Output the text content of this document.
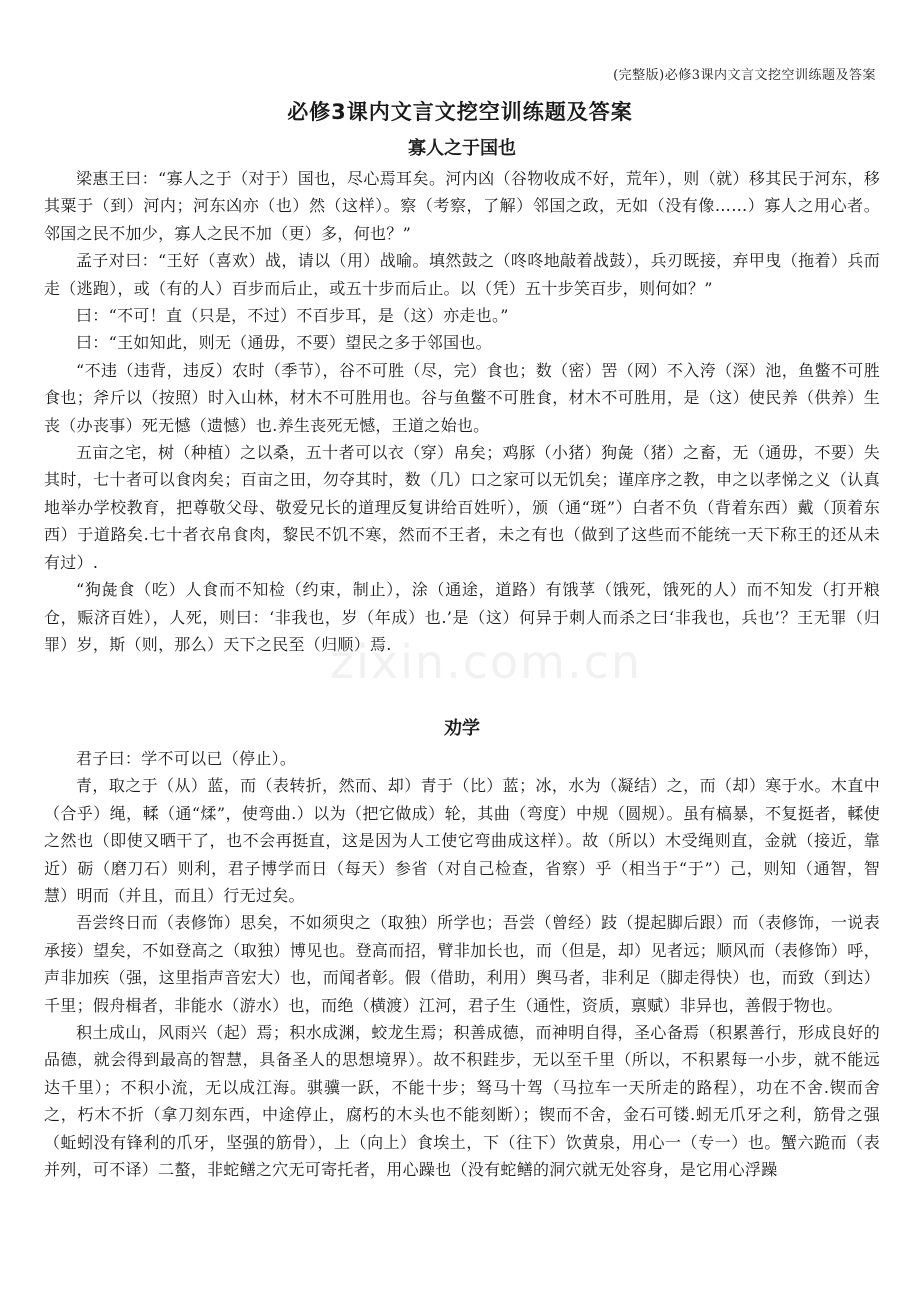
(完整版)必修3课内文言文挖空训练题及答案
必修3课内文言文挖空训练题及答案
寡人之于国也

梁惠王曰：“寡人之于（对于）国也，尽心焉耳矣。河内凶（谷物收成不好，荒年），则（就）移其民于河东，移其粟于（到）河内；河东凶亦（也）然（这样）。察（考察，了解）邻国之政，无如（没有像……）寡人之用心者。邻国之民不加少，寡人之民不加（更）多，何也？”

孟子对曰：“王好（喜欢）战，请以（用）战喻。填然鼓之（咚咚地敲着战鼓），兵刃既接，弃甲曳（拖着）兵而走（逃跑），或（有的人）百步而后止，或五十步而后止。以（凭）五十步笑百步，则何如？”

曰：“不可！直（只是，不过）不百步耳，是（这）亦走也。”

曰：“王如知此，则无（通毋，不要）望民之多于邻国也。

“不违（违背，违反）农时（季节），谷不可胜（尽，完）食也；数（密）罟（网）不入洿（深）池，鱼鳖不可胜食也；斧斤以（按照）时入山林，材木不可胜用也。谷与鱼鳖不可胜食，材木不可胜用，是（这）使民养（供养）生丧（办丧事）死无憾（遗憾）也.养生丧死无憾，王道之始也。

五亩之宅，树（种植）之以桑，五十者可以衣（穿）帛矣；鸡豚（小猪）狗彘（猪）之畜，无（通毋，不要）失其时，七十者可以食肉矣；百亩之田，勿夺其时，数（几）口之家可以无饥矣；谨庠序之教，申之以孝悌之义（认真地举办学校教育，把尊敬父母、敬爱兄长的道理反复讲给百姓听），颁（通“斑”）白者不负（背着东西）戴（顶着东西）于道路矣.七十者衣帛食肉，黎民不饥不寒，然而不王者，未之有也（做到了这些而不能统一天下称王的还从未有过）.

“狗彘食（吃）人食而不知检（约束，制止），涂（通途，道路）有饿莩（饿死，饿死的人）而不知发（打开粮仓，赈济百姓），人死，则曰：‘非我也，岁（年成）也.’是（这）何异于刺人而杀之曰‘非我也，兵也’？王无罪（归罪）岁，斯（则，那么）天下之民至（归顺）焉.

劝学

君子曰：学不可以已（停止）。

青，取之于（从）蓝，而（表转折，然而、却）青于（比）蓝；冰，水为（凝结）之，而（却）寒于水。木直中（合乎）绳，輮（通“煣”，使弯曲.）以为（把它做成）轮，其曲（弯度）中规（圆规）。虽有槁暴，不复挺者，輮使之然也（即使又晒干了，也不会再挺直，这是因为人工使它弯曲成这样）。故（所以）木受绳则直，金就（接近，靠近）砺（磨刀石）则利，君子博学而日（每天）参省（对自己检查，省察）乎（相当于“于”）己，则知（通智，智慧）明而（并且，而且）行无过矣。

吾尝终日而（表修饰）思矣，不如须臾之（取独）所学也；吾尝（曾经）跂（提起脚后跟）而（表修饰，一说表承接）望矣，不如登高之（取独）博见也。登高而招，臂非加长也，而（但是，却）见者远；顺风而（表修饰）呼，声非加疾（强，这里指声音宏大）也，而闻者彰。假（借助，利用）舆马者，非利足（脚走得快）也，而致（到达）千里；假舟楫者，非能水（游水）也，而绝（横渡）江河，君子生（通性，资质，禀赋）非异也，善假于物也。

积土成山，风雨兴（起）焉；积水成渊，蛟龙生焉；积善成德，而神明自得，圣心备焉（积累善行，形成良好的品德，就会得到最高的智慧，具备圣人的思想境界）。故不积跬步，无以至千里（所以，不积累每一小步，就不能远达千里）；不积小流，无以成江海。骐骥一跃，不能十步；驽马十驾（马拉车一天所走的路程），功在不舍.锲而舍之，朽木不折（拿刀刻东西，中途停止，腐朽的木头也不能刻断）；锲而不舍，金石可镂.蚓无爪牙之利，筋骨之强（蚯蚓没有锋利的爪牙，坚强的筋骨），上（向上）食埃土，下（往下）饮黄泉，用心一（专一）也。蟹六跪而（表并列，可不译）二螯，非蛇鳝之穴无可寄托者，用心躁也（没有蛇鳝的洞穴就无处容身，是它用心浮躁

zixin.com.cn
